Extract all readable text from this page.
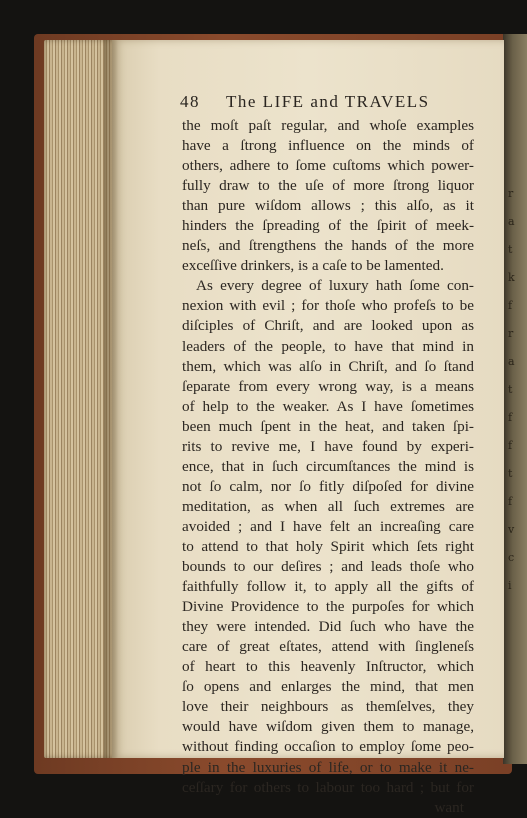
r
a
t
k
f
r
a
t
f
f
t
f
v
c
i
48 The LIFE and TRAVELS
the moſt paſt regular, and whoſe examples
have a ſtrong influence on the minds of
others, adhere to ſome cuſtoms which power-
fully draw to the uſe of more ſtrong liquor
than pure wiſdom allows ; this alſo, as it
hinders the ſpreading of the ſpirit of meek-
neſs, and ſtrengthens the hands of the more
exceſſive drinkers, is a caſe to be lamented.
As every degree of luxury hath ſome con-
nexion with evil ; for thoſe who profeſs to be
diſciples of Chriſt, and are looked upon as
leaders of the people, to have that mind in
them, which was alſo in Chriſt, and ſo ſtand
ſeparate from every wrong way, is a means
of help to the weaker. As I have ſometimes
been much ſpent in the heat, and taken ſpi-
rits to revive me, I have found by experi-
ence, that in ſuch circumſtances the mind is
not ſo calm, nor ſo fitly diſpoſed for divine
meditation, as when all ſuch extremes are
avoided ; and I have felt an increaſing care
to attend to that holy Spirit which ſets right
bounds to our deſires ; and leads thoſe who
faithfully follow it, to apply all the gifts of
Divine Providence to the purpoſes for which
they were intended. Did ſuch who have the
care of great eſtates, attend with ſingleneſs
of heart to this heavenly Inſtructor, which
ſo opens and enlarges the mind, that men
love their neighbours as themſelves, they
would have wiſdom given them to manage,
without finding occaſion to employ ſome peo-
ple in the luxuries of life, or to make it ne-
ceſſary for others to labour too hard ; but for
want
